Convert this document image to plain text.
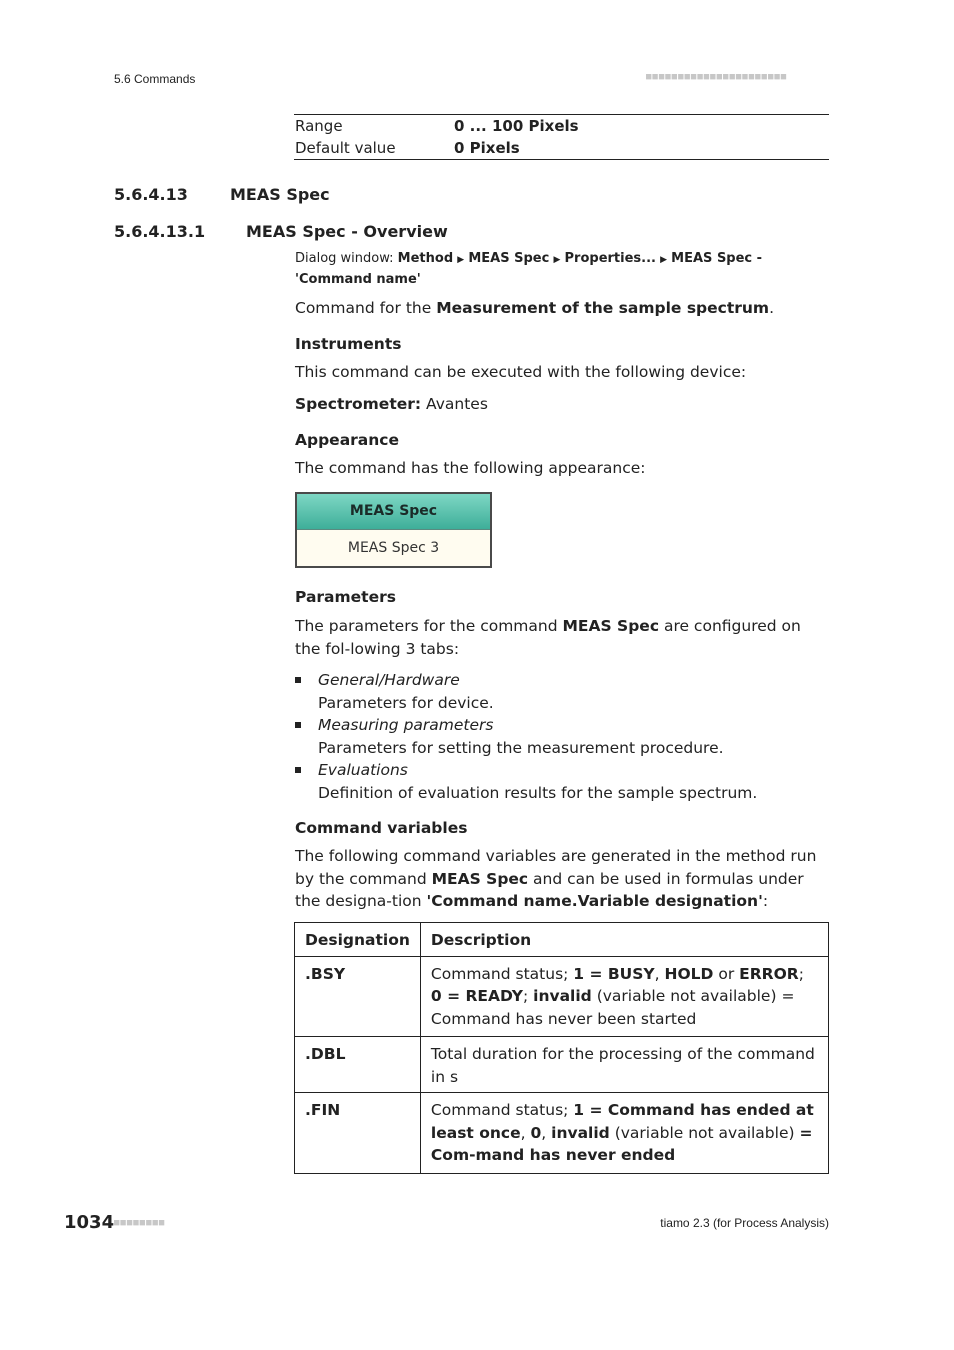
5.6 Commands	■■■■■■■■■■■■■■■■■■■■■■
Range	0 ... 100 Pixels
Default value	0 Pixels
5.6.4.13	MEAS Spec
5.6.4.13.1	MEAS Spec - Overview
Dialog window: Method ▶ MEAS Spec ▶ Properties... ▶ MEAS Spec - 'Command name'
Command for the Measurement of the sample spectrum.
Instruments
This command can be executed with the following device:
Spectrometer: Avantes
Appearance
The command has the following appearance:
MEAS Spec
MEAS Spec 3
Parameters
The parameters for the command MEAS Spec are configured on the fol-lowing 3 tabs:
General/Hardware
Parameters for device.
Measuring parameters
Parameters for setting the measurement procedure.
Evaluations
Definition of evaluation results for the sample spectrum.
Command variables
The following command variables are generated in the method run by the command MEAS Spec and can be used in formulas under the designa-tion 'Command name.Variable designation':
Designation	Description
.BSY	Command status; 1 = BUSY, HOLD or ERROR; 0 = READY; invalid (variable not available) = Command has never been started
.DBL	Total duration for the processing of the command in s
.FIN	Command status; 1 = Command has ended at least once, 0, invalid (variable not available) = Com-mand has never ended
1034 ■■■■■■■■	tiamo 2.3 (for Process Analysis)
